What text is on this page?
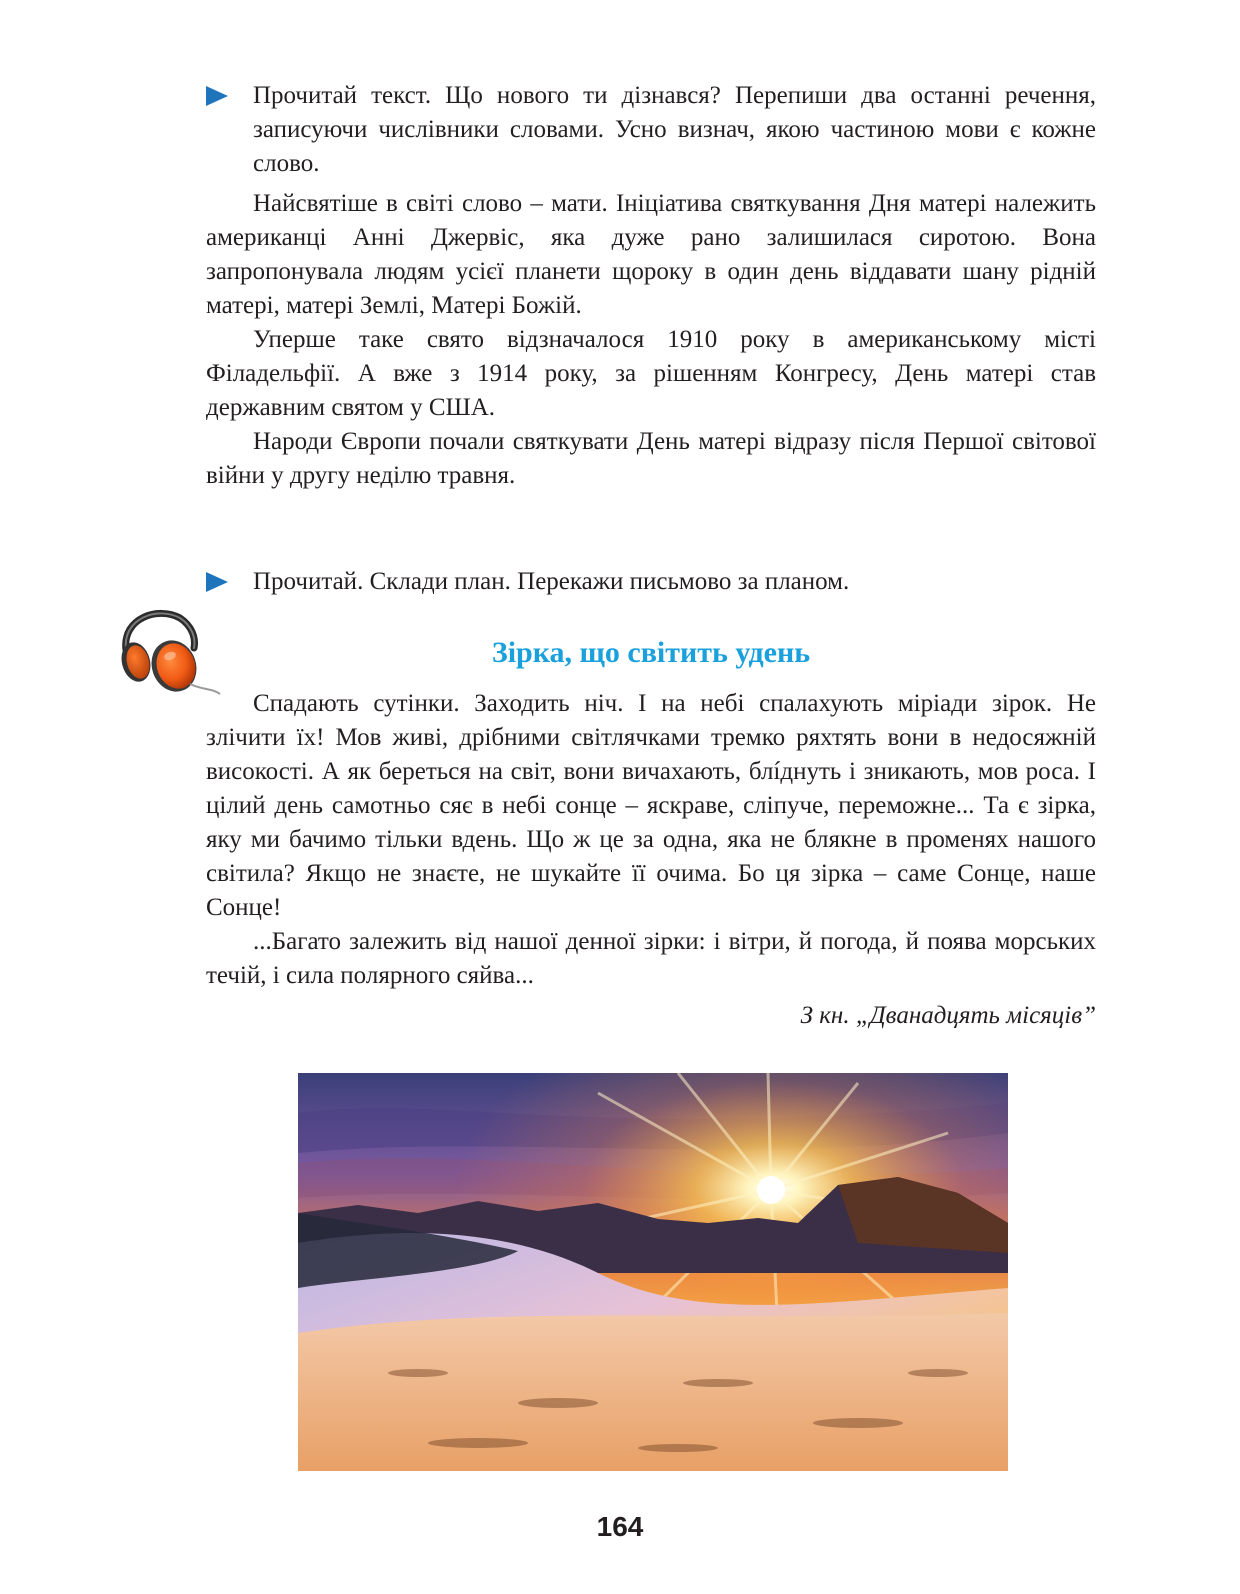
Прочитай текст. Що нового ти дізнався? Перепиши два останні речення, записуючи числівники словами. Усно визнач, якою частиною мови є кожне слово.

Найсвятіше в світі слово – мати. Ініціатива святкування Дня матері належить американці Анні Джервіс, яка дуже рано залишилася сиротою. Вона запропонувала людям усієї планети щороку в один день віддавати шану рідній матері, матері Землі, Матері Божій.

Уперше таке свято відзначалося 1910 року в американському місті Філадельфії. А вже з 1914 року, за рішенням Конгресу, День матері став державним святом у США.

Народи Європи почали святкувати День матері відразу після Першої світової війни у другу неділю травня.

Прочитай. Склади план. Перекажи письмово за планом.
Зірка, що світить удень

Спадають сутінки. Заходить ніч. І на небі спалахують міріади зірок. Не злічити їх! Мов живі, дрібними світлячками тремко ряхтять вони в недосяжній високості. А як береться на світ, вони вичахають, блíднуть і зникають, мов роса. І цілий день самотньо сяє в небі сонце – яскраве, сліпуче, переможне... Та є зірка, яку ми бачимо тільки вдень. Що ж це за одна, яка не блякне в променях нашого світила? Якщо не знаєте, не шукайте її очима. Бо ця зірка – саме Сонце, наше Сонце!

...Багато залежить від нашої денної зірки: і вітри, й погода, й поява морських течій, і сила полярного сяйва...

З кн. „Дванадцять місяців”
164
